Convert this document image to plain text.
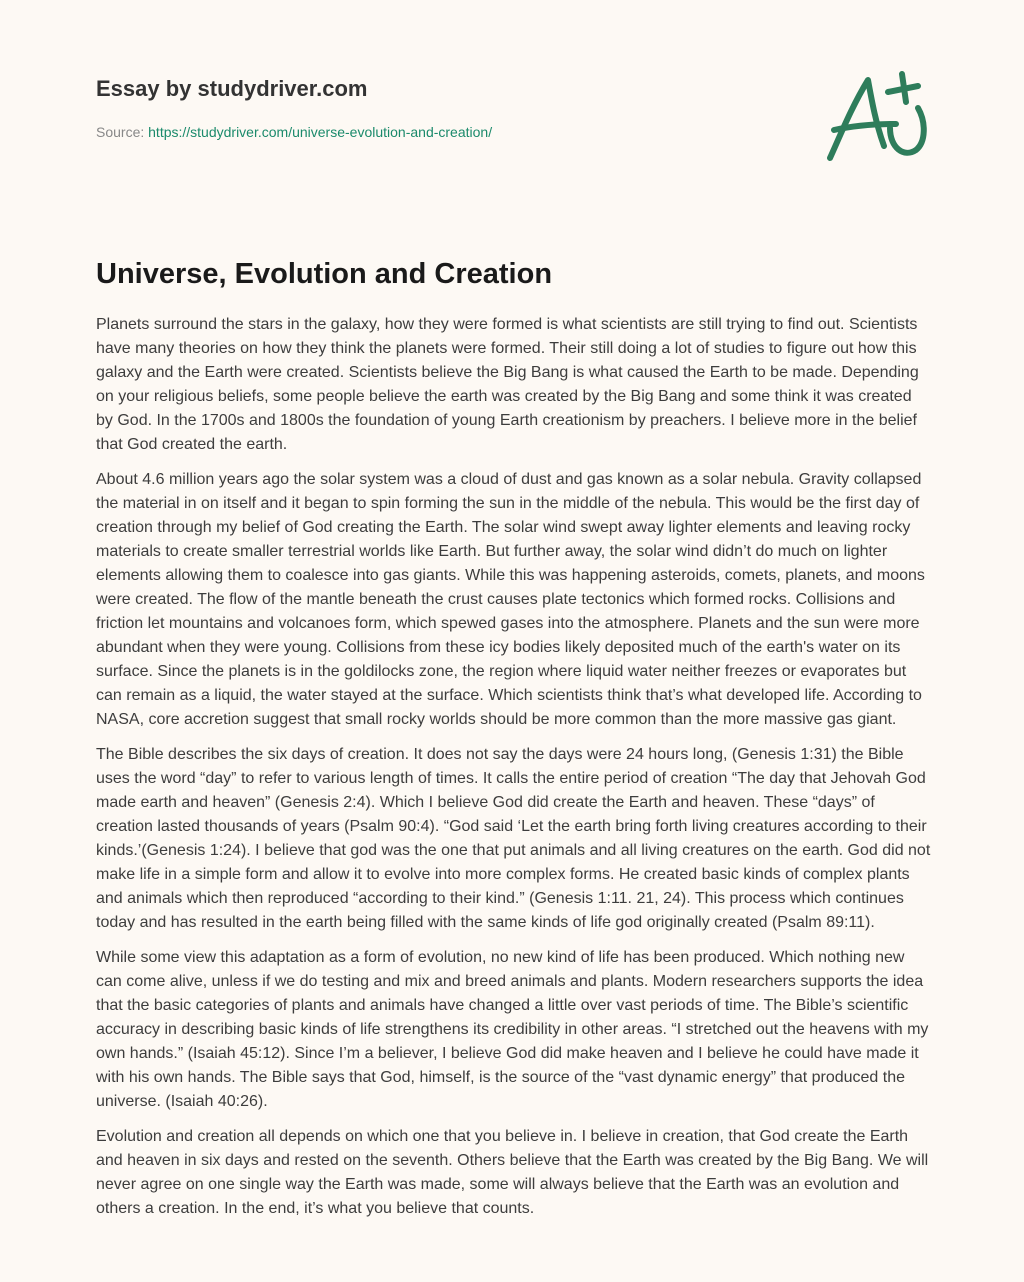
Essay by studydriver.com
Source: https://studydriver.com/universe-evolution-and-creation/
Universe, Evolution and Creation

Planets surround the stars in the galaxy, how they were formed is what scientists are still trying to find out. Scientists have many theories on how they think the planets were formed. Their still doing a lot of studies to figure out how this galaxy and the Earth were created. Scientists believe the Big Bang is what caused the Earth to be made. Depending on your religious beliefs, some people believe the earth was created by the Big Bang and some think it was created by God. In the 1700s and 1800s the foundation of young Earth creationism by preachers. I believe more in the belief that God created the earth.

About 4.6 million years ago the solar system was a cloud of dust and gas known as a solar nebula. Gravity collapsed the material in on itself and it began to spin forming the sun in the middle of the nebula. This would be the first day of creation through my belief of God creating the Earth. The solar wind swept away lighter elements and leaving rocky materials to create smaller terrestrial worlds like Earth. But further away, the solar wind didn’t do much on lighter elements allowing them to coalesce into gas giants. While this was happening asteroids, comets, planets, and moons were created. The flow of the mantle beneath the crust causes plate tectonics which formed rocks. Collisions and friction let mountains and volcanoes form, which spewed gases into the atmosphere. Planets and the sun were more abundant when they were young. Collisions from these icy bodies likely deposited much of the earth's water on its surface. Since the planets is in the goldilocks zone, the region where liquid water neither freezes or evaporates but can remain as a liquid, the water stayed at the surface. Which scientists think that’s what developed life. According to NASA, core accretion suggest that small rocky worlds should be more common than the more massive gas giant.

The Bible describes the six days of creation. It does not say the days were 24 hours long, (Genesis 1:31) the Bible uses the word “day” to refer to various length of times. It calls the entire period of creation “The day that Jehovah God made earth and heaven” (Genesis 2:4). Which I believe God did create the Earth and heaven. These “days” of creation lasted thousands of years (Psalm 90:4). “God said ‘Let the earth bring forth living creatures according to their kinds.’(Genesis 1:24). I believe that god was the one that put animals and all living creatures on the earth. God did not make life in a simple form and allow it to evolve into more complex forms. He created basic kinds of complex plants and animals which then reproduced “according to their kind.” (Genesis 1:11. 21, 24). This process which continues today and has resulted in the earth being filled with the same kinds of life god originally created (Psalm 89:11).

While some view this adaptation as a form of evolution, no new kind of life has been produced. Which nothing new can come alive, unless if we do testing and mix and breed animals and plants. Modern researchers supports the idea that the basic categories of plants and animals have changed a little over vast periods of time. The Bible’s scientific accuracy in describing basic kinds of life strengthens its credibility in other areas. “I stretched out the heavens with my own hands.” (Isaiah 45:12). Since I’m a believer, I believe God did make heaven and I believe he could have made it with his own hands. The Bible says that God, himself, is the source of the “vast dynamic energy” that produced the universe. (Isaiah 40:26).

Evolution and creation all depends on which one that you believe in. I believe in creation, that God create the Earth and heaven in six days and rested on the seventh. Others believe that the Earth was created by the Big Bang. We will never agree on one single way the Earth was made, some will always believe that the Earth was an evolution and others a creation. In the end, it’s what you believe that counts.
